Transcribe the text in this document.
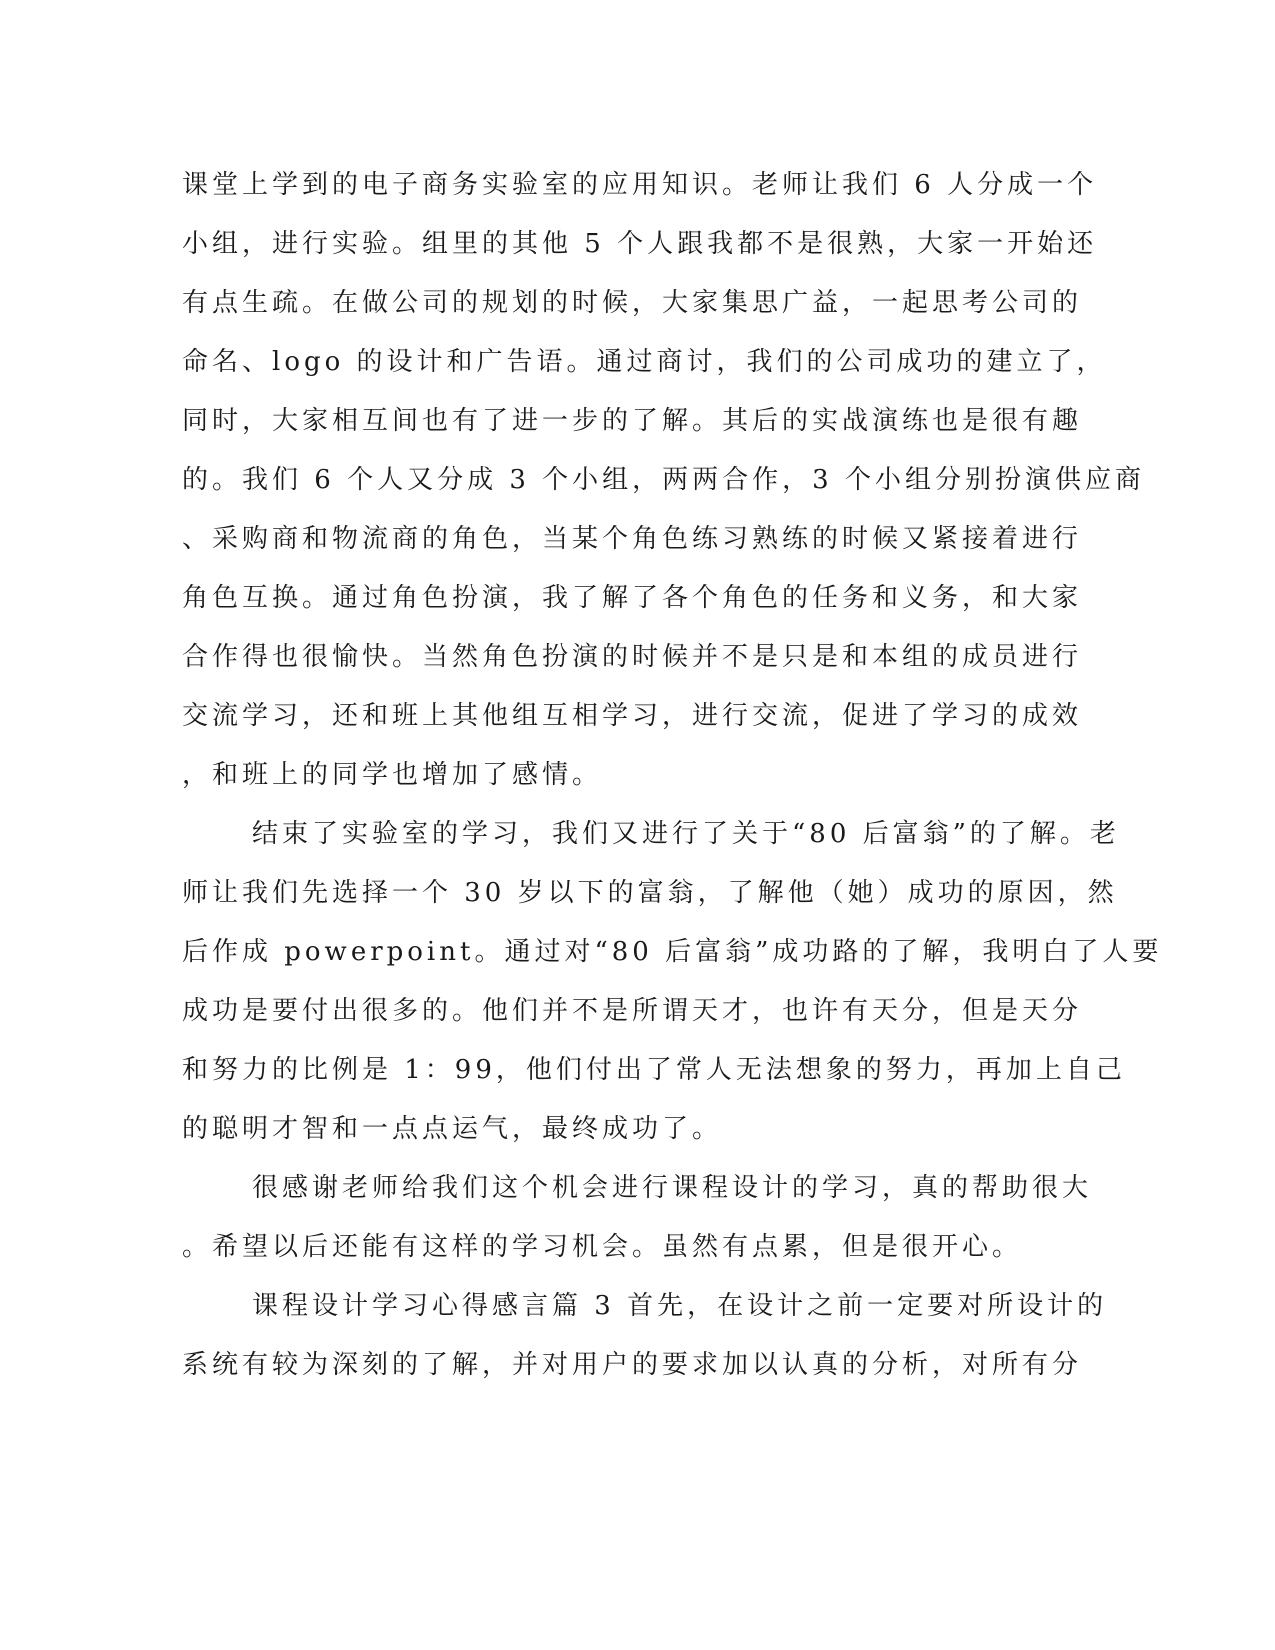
课堂上学到的电子商务实验室的应用知识。老师让我们 6 人分成一个
小组，进行实验。组里的其他 5 个人跟我都不是很熟，大家一开始还
有点生疏。在做公司的规划的时候，大家集思广益，一起思考公司的
命名、logo 的设计和广告语。通过商讨，我们的公司成功的建立了，
同时，大家相互间也有了进一步的了解。其后的实战演练也是很有趣
的。我们 6 个人又分成 3 个小组，两两合作，3 个小组分别扮演供应商
、采购商和物流商的角色，当某个角色练习熟练的时候又紧接着进行
角色互换。通过角色扮演，我了解了各个角色的任务和义务，和大家
合作得也很愉快。当然角色扮演的时候并不是只是和本组的成员进行
交流学习，还和班上其他组互相学习，进行交流，促进了学习的成效
，和班上的同学也增加了感情。
结束了实验室的学习，我们又进行了关于“80 后富翁”的了解。老
师让我们先选择一个 30 岁以下的富翁，了解他（她）成功的原因，然
后作成 powerpoint。通过对“80 后富翁”成功路的了解，我明白了人要
成功是要付出很多的。他们并不是所谓天才，也许有天分，但是天分
和努力的比例是 1：99，他们付出了常人无法想象的努力，再加上自己
的聪明才智和一点点运气，最终成功了。
很感谢老师给我们这个机会进行课程设计的学习，真的帮助很大
。希望以后还能有这样的学习机会。虽然有点累，但是很开心。
课程设计学习心得感言篇 3 首先，在设计之前一定要对所设计的
系统有较为深刻的了解，并对用户的要求加以认真的分析，对所有分
